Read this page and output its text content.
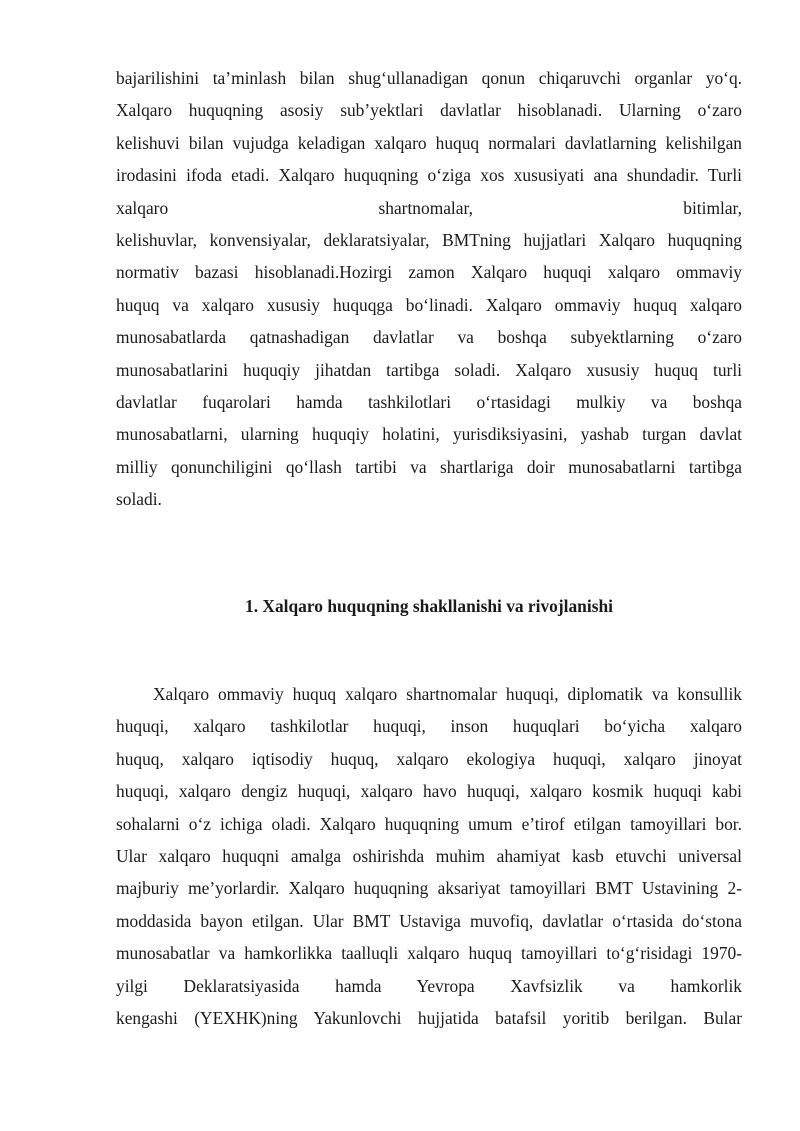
bajarilishini ta’minlash bilan shug‘ullanadigan qonun chiqaruvchi organlar yo‘q.
Xalqaro huquqning asosiy sub’yektlari davlatlar hisoblanadi. Ularning o‘zaro
kelishuvi bilan vujudga keladigan xalqaro huquq normalari davlatlarning kelishilgan
irodasini ifoda etadi. Xalqaro huquqning o‘ziga xos xususiyati ana shundadir. Turli
xalqaro shartnomalar, bitimlar,
kelishuvlar, konvensiyalar, deklaratsiyalar, BMTning hujjatlari Xalqaro huquqning
normativ bazasi hisoblanadi.Hozirgi zamon Xalqaro huquqi xalqaro ommaviy
huquq va xalqaro xususiy huquqga bo‘linadi. Xalqaro ommaviy huquq xalqaro
munosabatlarda qatnashadigan davlatlar va boshqa subyektlarning o‘zaro
munosabatlarini huquqiy jihatdan tartibga soladi. Xalqaro xususiy huquq turli
davlatlar fuqarolari hamda tashkilotlari o‘rtasidagi mulkiy va boshqa
munosabatlarni, ularning huquqiy holatini, yurisdiksiyasini, yashab turgan davlat
milliy qonunchiligini qo‘llash tartibi va shartlariga doir munosabatlarni tartibga
soladi.
1. Xalqaro huquqning shakllanishi va rivojlanishi
Xalqaro ommaviy huquq xalqaro shartnomalar huquqi, diplomatik va konsullik
huquqi, xalqaro tashkilotlar huquqi, inson huquqlari bo‘yicha xalqaro
huquq, xalqaro iqtisodiy huquq, xalqaro ekologiya huquqi, xalqaro jinoyat
huquqi, xalqaro dengiz huquqi, xalqaro havo huquqi, xalqaro kosmik huquqi kabi
sohalarni o‘z ichiga oladi. Xalqaro huquqning umum e’tirof etilgan tamoyillari bor.
Ular xalqaro huquqni amalga oshirishda muhim ahamiyat kasb etuvchi universal
majburiy me’yorlardir. Xalqaro huquqning aksariyat tamoyillari BMT Ustavining 2-
moddasida bayon etilgan. Ular BMT Ustaviga muvofiq, davlatlar o‘rtasida do‘stona
munosabatlar va hamkorlikka taalluqli xalqaro huquq tamoyillari to‘g‘risidagi 1970-
yilgi Deklaratsiyasida hamda Yevropa Xavfsizlik va hamkorlik
kengashi (YEXHK)ning Yakunlovchi hujjatida batafsil yoritib berilgan. Bular
